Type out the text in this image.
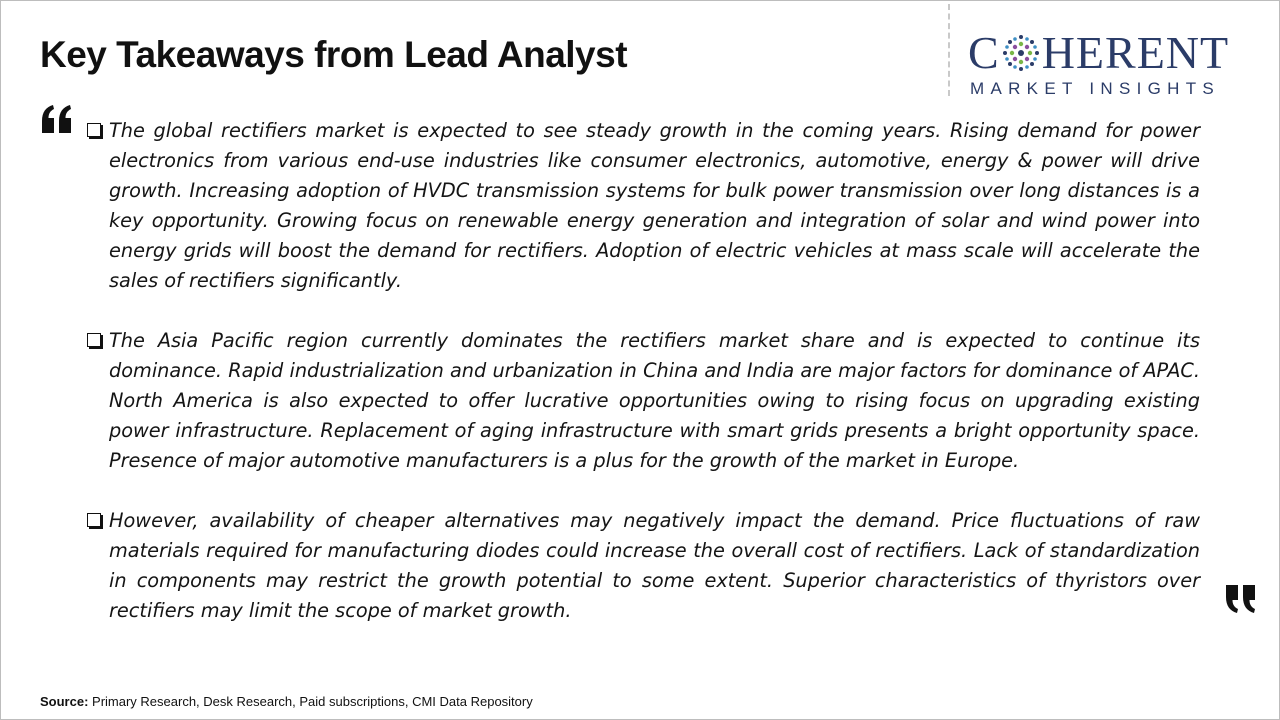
Key Takeaways from Lead Analyst	C HERENT
MARKET INSIGHTS
The global rectifiers market is expected to see steady growth in the coming years. Rising demand for power electronics from various end-use industries like consumer electronics, automotive, energy & power will drive growth. Increasing adoption of HVDC transmission systems for bulk power transmission over long distances is a key opportunity. Growing focus on renewable energy generation and integration of solar and wind power into energy grids will boost the demand for rectifiers. Adoption of electric vehicles at mass scale will accelerate the sales of rectifiers significantly.
The Asia Pacific region currently dominates the rectifiers market share and is expected to continue its dominance. Rapid industrialization and urbanization in China and India are major factors for dominance of APAC. North America is also expected to offer lucrative opportunities owing to rising focus on upgrading existing power infrastructure. Replacement of aging infrastructure with smart grids presents a bright opportunity space. Presence of major automotive manufacturers is a plus for the growth of the market in Europe.
However, availability of cheaper alternatives may negatively impact the demand. Price fluctuations of raw materials required for manufacturing diodes could increase the overall cost of rectifiers. Lack of standardization in components may restrict the growth potential to some extent. Superior characteristics of thyristors over rectifiers may limit the scope of market growth.
Source: Primary Research, Desk Research, Paid subscriptions, CMI Data Repository
